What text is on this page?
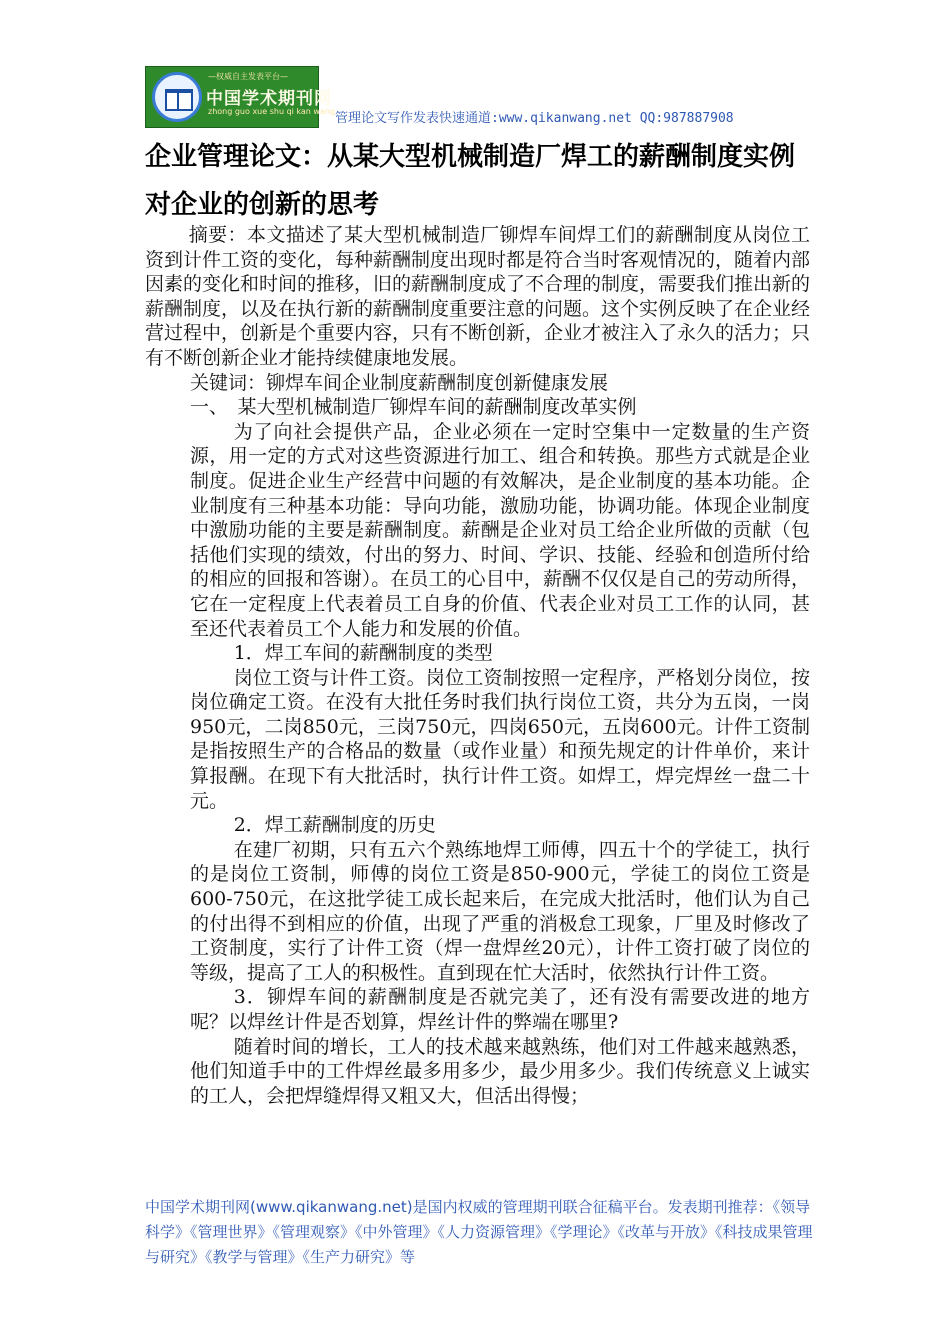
—权威自主发表平台—
中国学术期刊网
zhong guo xue shu qi kan wang 管理论文写作发表快速通道:www.qikanwang.net QQ:987887908
企业管理论文：从某大型机械制造厂焊工的薪酬制度实例对企业的创新的思考

摘要：本文描述了某大型机械制造厂铆焊车间焊工们的薪酬制度从岗位工资到计件工资的变化，每种薪酬制度出现时都是符合当时客观情况的，随着内部因素的变化和时间的推移，旧的薪酬制度成了不合理的制度，需要我们推出新的薪酬制度，以及在执行新的薪酬制度重要注意的问题。这个实例反映了在企业经营过程中，创新是个重要内容，只有不断创新，企业才被注入了永久的活力；只有不断创新企业才能持续健康地发展。

关键词：铆焊车间企业制度薪酬制度创新健康发展

一、　某大型机械制造厂铆焊车间的薪酬制度改革实例

为了向社会提供产品，企业必须在一定时空集中一定数量的生产资源，用一定的方式对这些资源进行加工、组合和转换。那些方式就是企业制度。促进企业生产经营中问题的有效解决，是企业制度的基本功能。企业制度有三种基本功能：导向功能，激励功能，协调功能。体现企业制度中激励功能的主要是薪酬制度。薪酬是企业对员工给企业所做的贡献（包括他们实现的绩效，付出的努力、时间、学识、技能、经验和创造所付给的相应的回报和答谢）。在员工的心目中，薪酬不仅仅是自己的劳动所得，它在一定程度上代表着员工自身的价值、代表企业对员工工作的认同，甚至还代表着员工个人能力和发展的价值。

1．焊工车间的薪酬制度的类型

岗位工资与计件工资。岗位工资制按照一定程序，严格划分岗位，按岗位确定工资。在没有大批任务时我们执行岗位工资，共分为五岗，一岗950元，二岗850元，三岗750元，四岗650元，五岗600元。计件工资制是指按照生产的合格品的数量（或作业量）和预先规定的计件单价，来计算报酬。在现下有大批活时，执行计件工资。如焊工，焊完焊丝一盘二十元。

2．焊工薪酬制度的历史

在建厂初期，只有五六个熟练地焊工师傅，四五十个的学徒工，执行的是岗位工资制，师傅的岗位工资是850-900元，学徒工的岗位工资是600-750元，在这批学徒工成长起来后，在完成大批活时，他们认为自己的付出得不到相应的价值，出现了严重的消极怠工现象，厂里及时修改了工资制度，实行了计件工资（焊一盘焊丝20元），计件工资打破了岗位的等级，提高了工人的积极性。直到现在忙大活时，依然执行计件工资。

3．铆焊车间的薪酬制度是否就完美了，还有没有需要改进的地方呢？以焊丝计件是否划算，焊丝计件的弊端在哪里?

随着时间的增长，工人的技术越来越熟练，他们对工件越来越熟悉，他们知道手中的工件焊丝最多用多少，最少用多少。我们传统意义上诚实的工人，会把焊缝焊得又粗又大，但活出得慢；

中国学术期刊网(www.qikanwang.net)是国内权威的管理期刊联合征稿平台。发表期刊推荐：《领导科学》《管理世界》《管理观察》《中外管理》《人力资源管理》《学理论》《改革与开放》《科技成果管理与研究》《教学与管理》《生产力研究》等
